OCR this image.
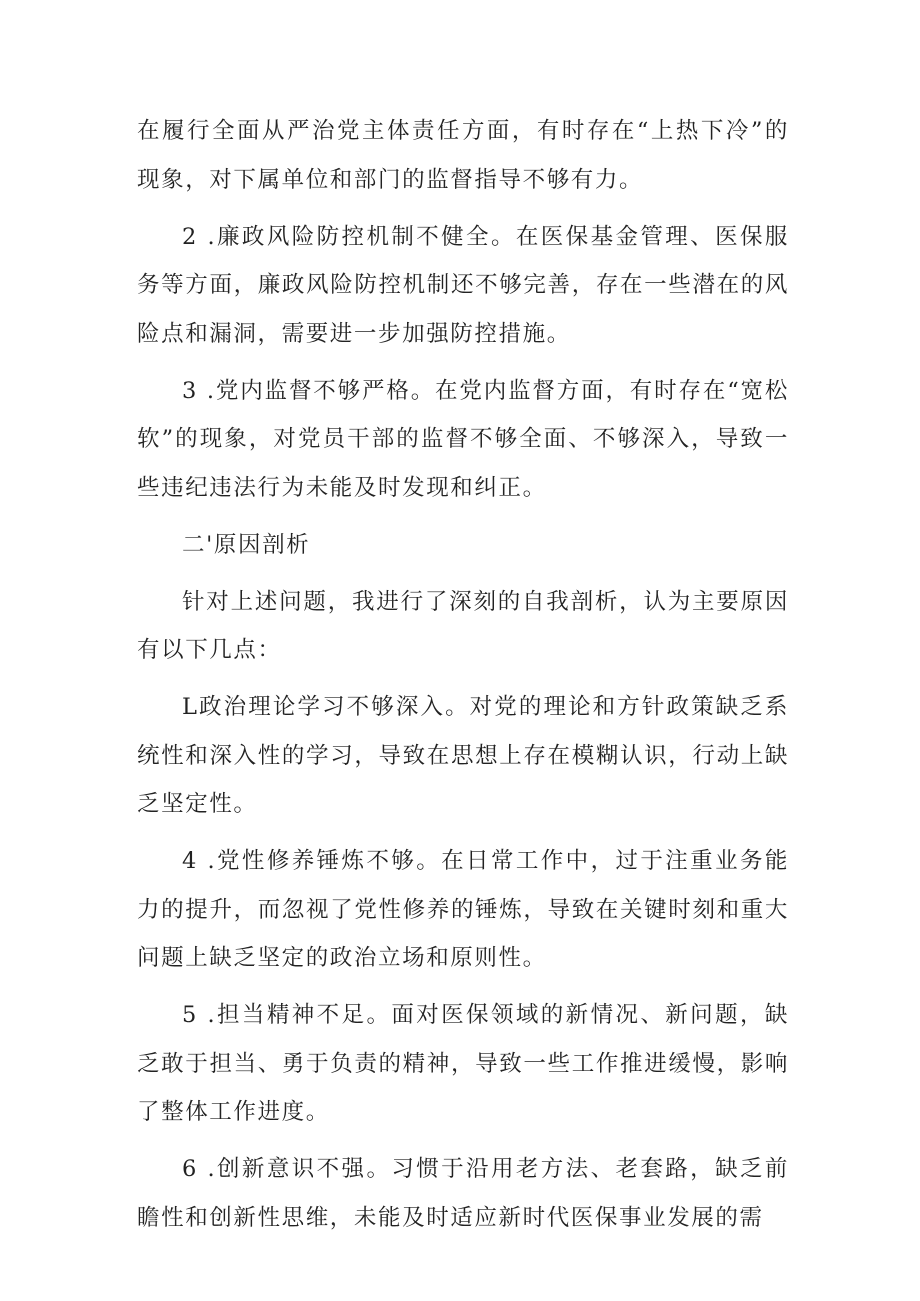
在履行全面从严治党主体责任方面，有时存在“上热下冷”的现象，对下属单位和部门的监督指导不够有力。

2 .廉政风险防控机制不健全。在医保基金管理、医保服务等方面，廉政风险防控机制还不够完善，存在一些潜在的风险点和漏洞，需要进一步加强防控措施。

3 .党内监督不够严格。在党内监督方面，有时存在“宽松软”的现象，对党员干部的监督不够全面、不够深入，导致一些违纪违法行为未能及时发现和纠正。

二'原因剖析

针对上述问题，我进行了深刻的自我剖析，认为主要原因有以下几点：

L政治理论学习不够深入。对党的理论和方针政策缺乏系统性和深入性的学习，导致在思想上存在模糊认识，行动上缺乏坚定性。

4 .党性修养锤炼不够。在日常工作中，过于注重业务能力的提升，而忽视了党性修养的锤炼，导致在关键时刻和重大问题上缺乏坚定的政治立场和原则性。

5 .担当精神不足。面对医保领域的新情况、新问题，缺乏敢于担当、勇于负责的精神，导致一些工作推进缓慢，影响了整体工作进度。

6 .创新意识不强。习惯于沿用老方法、老套路，缺乏前瞻性和创新性思维，未能及时适应新时代医保事业发展的需
